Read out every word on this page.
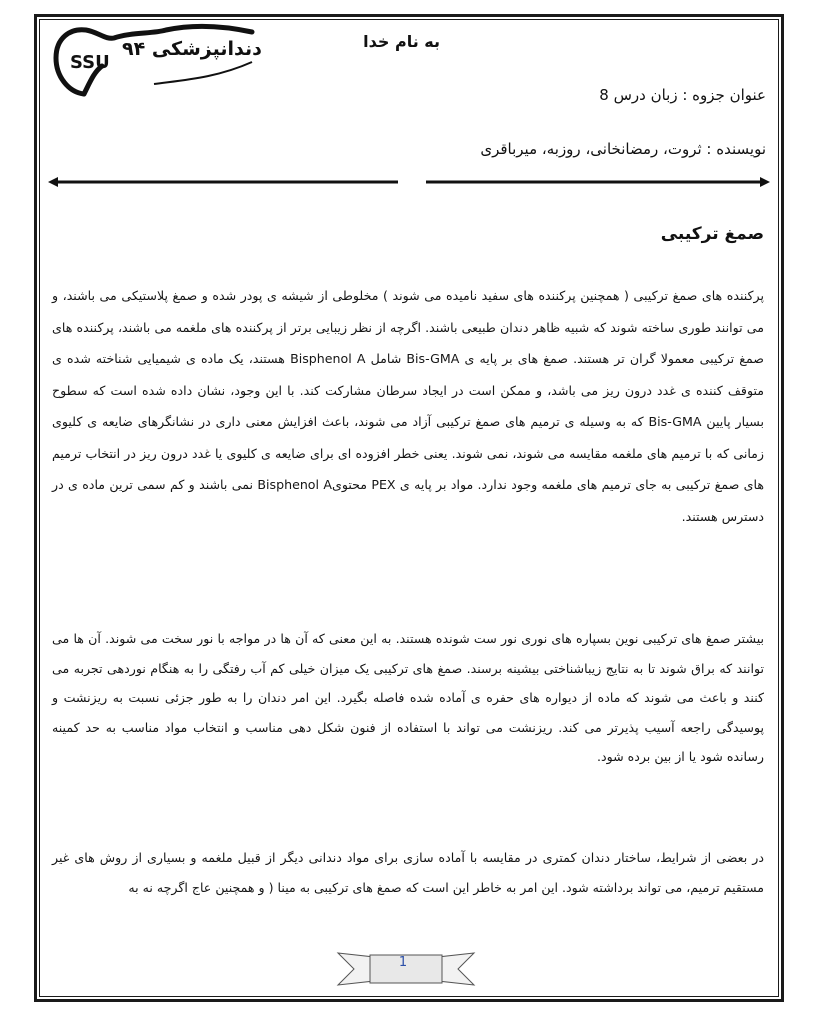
دندانپزشکی ۹۴
SSU
به نام خدا
عنوان جزوه : زبان درس 8
نویسنده : ثروت، رمضانخانی، روزبه، میرباقری
صمغ ترکیبی

پرکننده های صمغ ترکیبی ( همچنین پرکننده های سفید نامیده می شوند ) مخلوطی از شیشه ی پودر شده و صمغ پلاستیکی می باشند، و می توانند طوری ساخته شوند که شبیه ظاهر دندان طبیعی باشند. اگرچه از نظر زیبایی برتر از پرکننده های ملغمه می باشند، پرکننده های صمغ ترکیبی معمولا گران تر هستند. صمغ های بر پایه ی Bis-GMA شامل Bisphenol A هستند، یک ماده ی شیمیایی شناخته شده ی متوقف کننده ی غدد درون ریز می باشد، و ممکن است در ایجاد سرطان مشارکت کند. با این وجود، نشان داده شده است که سطوح بسیار پایین Bis-GMA که به وسیله ی ترمیم های صمغ ترکیبی آزاد می شوند، باعث افزایش معنی داری در نشانگرهای ضایعه ی کلیوی زمانی که با ترمیم های ملغمه مقایسه می شوند، نمی شوند. یعنی خطر افزوده ای برای ضایعه ی کلیوی یا غدد درون ریز در انتخاب ترمیم های صمغ ترکیبی به جای ترمیم های ملغمه وجود ندارد. مواد بر پایه ی PEX محتویBisphenol A نمی باشند و کم سمی ترین ماده ی در دسترس هستند.

بیشتر صمغ های ترکیبی نوین بسپاره های نوری نور ست شونده هستند. به این معنی که آن ها در مواجه با نور سخت می شوند. آن ها می توانند که براق شوند تا به نتایج زیباشناختی بیشینه برسند. صمغ های ترکیبی یک میزان خیلی کم آب رفتگی را به هنگام نوردهی تجربه می کنند و باعث می شوند که ماده از دیواره های حفره ی آماده شده فاصله بگیرد. این امر دندان را به طور جزئی نسبت به ریزنشت و پوسیدگی راجعه آسیب پذیرتر می کند. ریزنشت می تواند با استفاده از فنون شکل دهی مناسب و انتخاب مواد مناسب به حد کمینه رسانده شود یا از بین برده شود.

در بعضی از شرایط، ساختار دندان کمتری در مقایسه با آماده سازی برای مواد دندانی دیگر از قبیل ملغمه و بسیاری از روش های غیر مستقیم ترمیم، می تواند برداشته شود. این امر به خاطر این است که صمغ های ترکیبی به مینا ( و همچنین عاج اگرچه نه به

1
